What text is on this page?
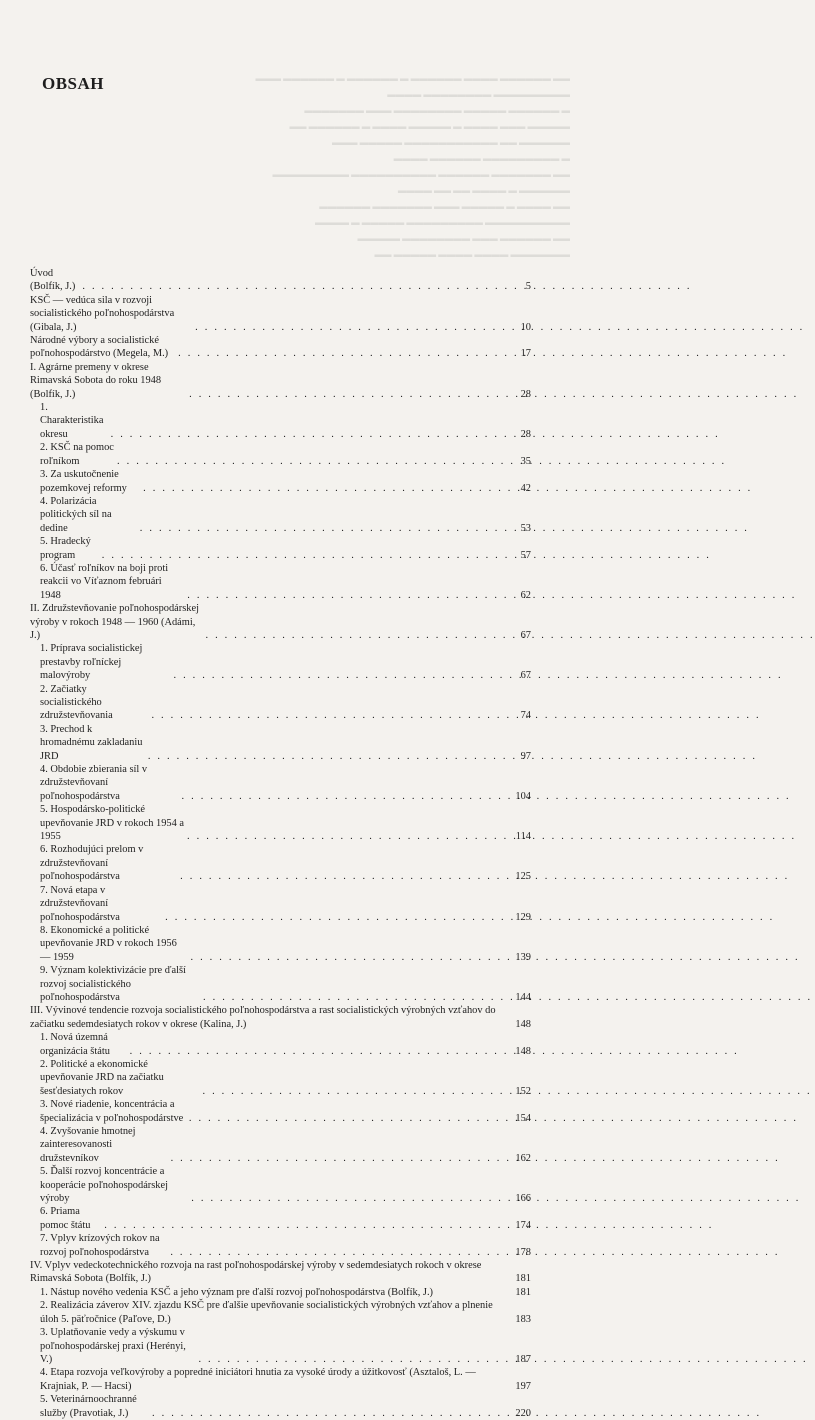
OBSAH	▬▬ ▬▬▬▬▬▬ ▬▬▬▬ ▬▬▬▬▬▬ ▬ ▬▬▬▬▬▬ ▬ ▬▬▬▬▬▬ ▬▬▬
▬▬▬▬▬▬▬▬▬ ▬▬▬▬▬▬▬▬ ▬▬▬▬
▬ ▬▬▬▬▬▬ ▬▬▬▬▬ ▬▬▬▬▬▬▬▬ ▬▬▬ ▬▬▬▬▬▬▬
▬▬▬▬▬ ▬▬▬ ▬▬▬▬ ▬ ▬▬▬▬▬ ▬▬▬▬ ▬ ▬▬▬▬▬▬ ▬▬
▬▬▬▬▬▬ ▬▬ ▬▬▬▬▬▬▬▬▬▬▬ ▬▬▬▬▬ ▬▬▬
▬ ▬▬▬▬▬▬▬▬▬ ▬▬▬▬▬▬ ▬▬▬▬
▬▬ ▬▬▬▬▬▬▬ ▬▬▬▬▬▬ ▬▬▬▬▬▬▬▬▬▬ ▬▬▬▬▬▬▬▬▬
▬▬▬▬▬▬ ▬ ▬▬▬▬ ▬▬ ▬▬ ▬▬▬▬
▬▬ ▬▬▬▬ ▬ ▬▬▬▬▬ ▬▬▬ ▬▬▬▬▬▬▬ ▬▬▬▬▬▬
▬▬▬▬▬▬▬▬▬▬ ▬▬▬▬▬▬▬▬▬ ▬▬▬▬▬ ▬ ▬▬▬▬
▬▬ ▬▬▬▬▬▬ ▬▬▬ ▬▬▬▬▬▬▬▬ ▬▬▬▬▬
▬▬▬▬▬▬▬ ▬▬▬▬ ▬▬▬▬ ▬▬▬▬▬ ▬▬
Úvod (Bolfík, J.) . . .	5
KSČ — vedúca sila v rozvoji socialistického poľnohospodárstva (Gibala, J.) . . .	10
Národné výbory a socialistické poľnohospodárstvo (Megela, M.) . . .	17
I. Agrárne premeny v okrese Rimavská Sobota do roku 1948 (Bolfík, J.) . . .	28
1. Charakteristika okresu . . .	28
2. KSČ na pomoc roľníkom . . .	35
3. Za uskutočnenie pozemkovej reformy . . .	42
4. Polarizácia politických síl na dedine . . .	53
5. Hradecký program . . .	57
6. Účasť roľníkov na boji proti reakcii vo Víťaznom februári 1948 . . .	62
II. Združstevňovanie poľnohospodárskej výroby v rokoch 1948 — 1960 (Adámi, J.) . . .	67
1. Príprava socialistickej prestavby roľníckej malovýroby . . .	67
2. Začiatky socialistického združstevňovania . . .	74
3. Prechod k hromadnému zakladaniu JRD . . .	97
4. Obdobie zbierania síl v združstevňovaní poľnohospodárstva . . .	104
5. Hospodársko-politické upevňovanie JRD v rokoch 1954 a 1955 . . .	114
6. Rozhodujúci prelom v združstevňovaní poľnohospodárstva . . .	125
7. Nová etapa v združstevňovaní poľnohospodárstva . . .	129
8. Ekonomické a politické upevňovanie JRD v rokoch 1956 — 1959 . . .	139
9. Význam kolektivizácie pre ďalší rozvoj socialistického poľnohospodárstva . . .	144
III. Vývinové tendencie rozvoja socialistického poľnohospodárstva a rast socialistických výrobných vzťahov do začiatku sedemdesiatych rokov v okrese (Kalina, J.)	148
1. Nová územná organizácia štátu . . .	148
2. Politické a ekonomické upevňovanie JRD na začiatku šesťdesiatych rokov . . .	152
3. Nové riadenie, koncentrácia a špecializácia v poľnohospodárstve . . .	154
4. Zvyšovanie hmotnej zainteresovanosti družstevníkov . . .	162
5. Ďalší rozvoj koncentrácie a kooperácie poľnohospodárskej výroby . . .	166
6. Priama pomoc štátu . . .	174
7. Vplyv krízových rokov na rozvoj poľnohospodárstva . . .	178
IV. Vplyv vedeckotechnického rozvoja na rast poľnohospodárskej výroby v sedemdesiatych rokoch v okrese Rimavská Sobota (Bolfík, J.)	181
1. Nástup nového vedenia KSČ a jeho význam pre ďalší rozvoj poľnohospodárstva (Bolfík, J.)	181
2. Realizácia záverov XIV. zjazdu KSČ pre ďalšie upevňovanie socialistických výrobných vzťahov a plnenie úloh 5. päťročnice (Paľove, D.)	183
3. Uplatňovanie vedy a výskumu v poľnohospodárskej praxi (Herényi, V.) . . .	187
4. Etapa rozvoja veľkovýroby a popredné iniciátori hnutia za vysoké úrody a úžitkovosť (Asztaloš, L. — Krajniak, P. — Hacsi)	197
5. Veterinárnoochranné služby (Pravotiak, J.) . . .	220
